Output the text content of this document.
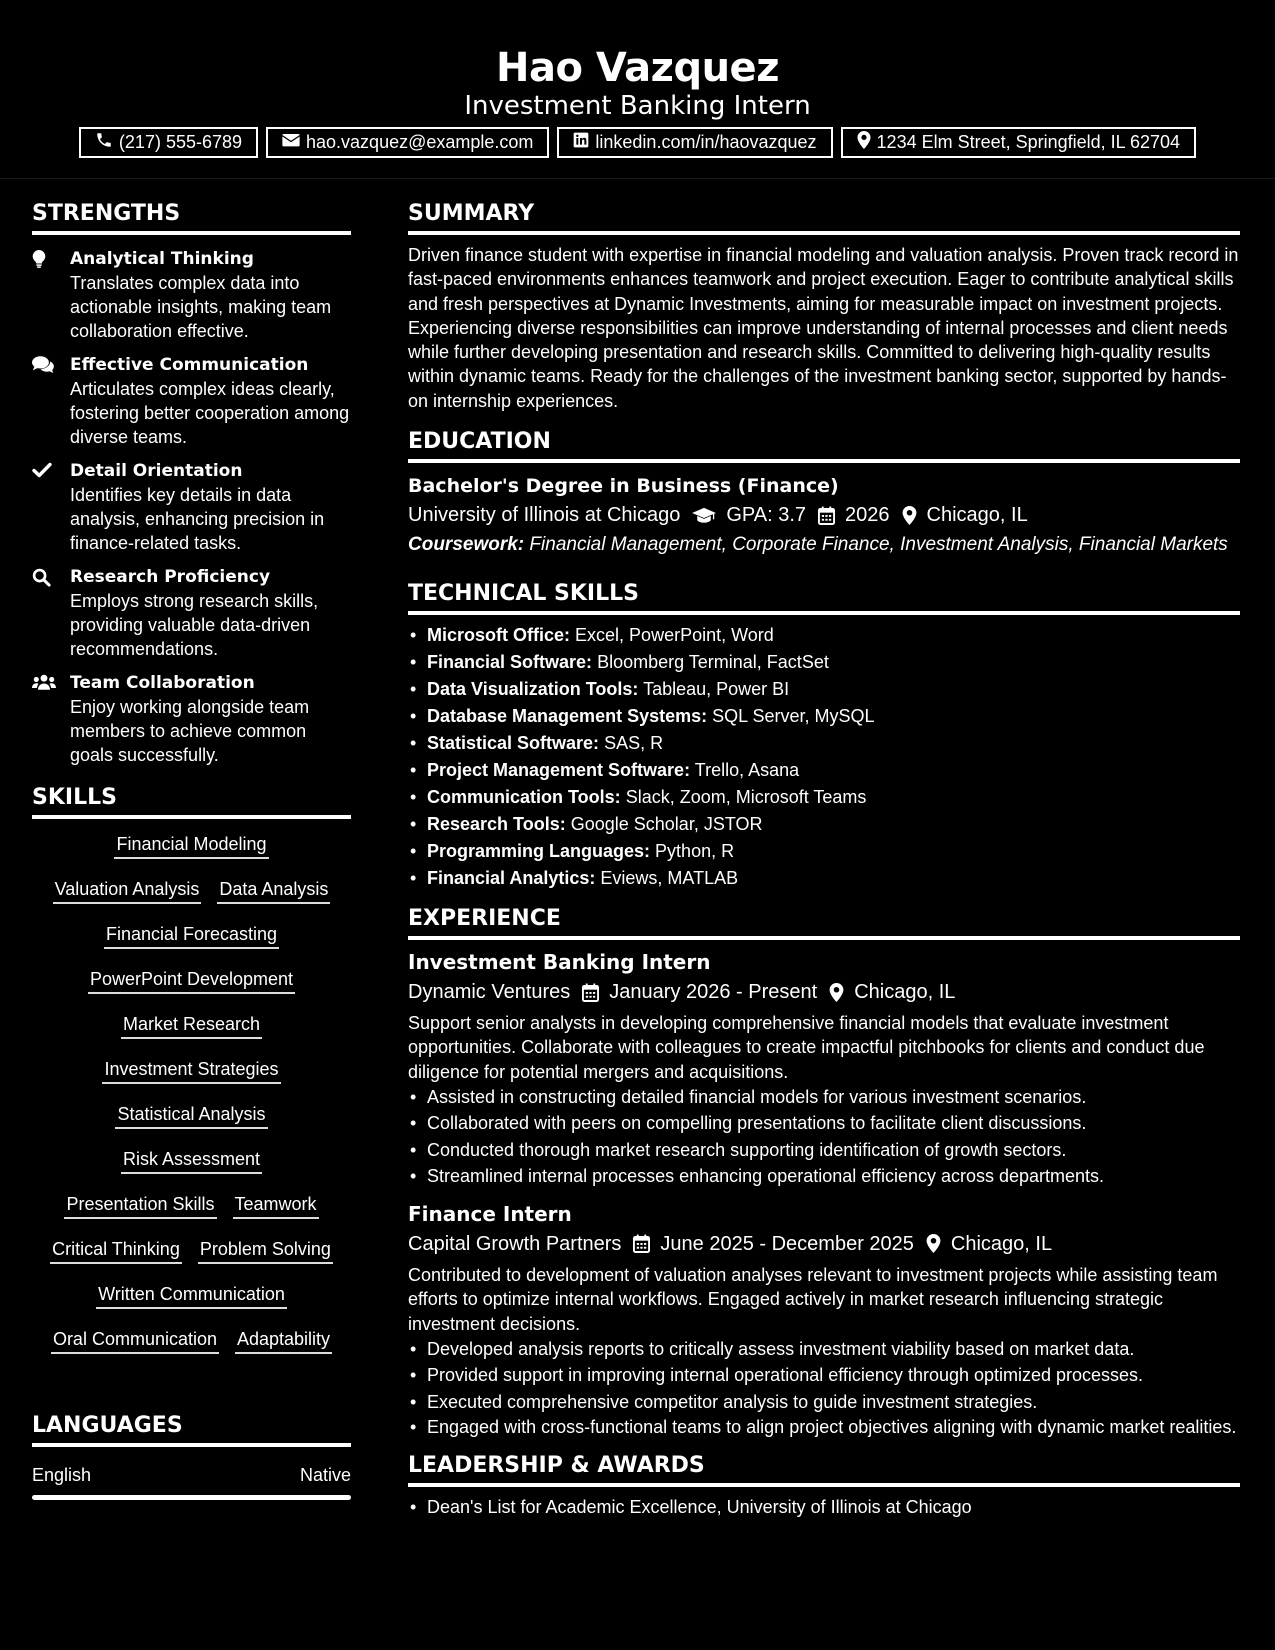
Hao Vazquez
Investment Banking Intern
(217) 555-6789	hao.vazquez@example.com	linkedin.com/in/haovazquez	1234 Elm Street, Springfield, IL 62704
STRENGTHS
Analytical Thinking
Translates complex data into actionable insights, making team collaboration effective.
Effective Communication
Articulates complex ideas clearly, fostering better cooperation among diverse teams.
Detail Orientation
Identifies key details in data analysis, enhancing precision in finance-related tasks.
Research Proficiency
Employs strong research skills, providing valuable data-driven recommendations.
Team Collaboration
Enjoy working alongside team members to achieve common goals successfully.
SKILLS
Financial Modeling
Valuation Analysis Data Analysis
Financial Forecasting
PowerPoint Development
Market Research
Investment Strategies
Statistical Analysis
Risk Assessment
Presentation Skills Teamwork
Critical Thinking Problem Solving
Written Communication
Oral Communication Adaptability
LANGUAGES
English	Native
SUMMARY

Driven finance student with expertise in financial modeling and valuation analysis. Proven track record in fast-paced environments enhances teamwork and project execution. Eager to contribute analytical skills and fresh perspectives at Dynamic Investments, aiming for measurable impact on investment projects. Experiencing diverse responsibilities can improve understanding of internal processes and client needs while further developing presentation and research skills. Committed to delivering high-quality results within dynamic teams. Ready for the challenges of the investment banking sector, supported by hands-on internship experiences.

EDUCATION
Bachelor's Degree in Business (Finance)
University of Illinois at Chicago GPA: 3.7 2026 Chicago, IL
Coursework: Financial Management, Corporate Finance, Investment Analysis, Financial Markets
TECHNICAL SKILLS
• Microsoft Office: Excel, PowerPoint, Word
• Financial Software: Bloomberg Terminal, FactSet
• Data Visualization Tools: Tableau, Power BI
• Database Management Systems: SQL Server, MySQL
• Statistical Software: SAS, R
• Project Management Software: Trello, Asana
• Communication Tools: Slack, Zoom, Microsoft Teams
• Research Tools: Google Scholar, JSTOR
• Programming Languages: Python, R
• Financial Analytics: Eviews, MATLAB
EXPERIENCE
Investment Banking Intern
Dynamic Ventures January 2026 - Present Chicago, IL
Support senior analysts in developing comprehensive financial models that evaluate investment opportunities. Collaborate with colleagues to create impactful pitchbooks for clients and conduct due diligence for potential mergers and acquisitions.
• Assisted in constructing detailed financial models for various investment scenarios.
• Collaborated with peers on compelling presentations to facilitate client discussions.
• Conducted thorough market research supporting identification of growth sectors.
• Streamlined internal processes enhancing operational efficiency across departments.
Finance Intern
Capital Growth Partners June 2025 - December 2025 Chicago, IL
Contributed to development of valuation analyses relevant to investment projects while assisting team efforts to optimize internal workflows. Engaged actively in market research influencing strategic investment decisions.
• Developed analysis reports to critically assess investment viability based on market data.
• Provided support in improving internal operational efficiency through optimized processes.
• Executed comprehensive competitor analysis to guide investment strategies.
• Engaged with cross-functional teams to align project objectives aligning with dynamic market realities.
LEADERSHIP & AWARDS
• Dean's List for Academic Excellence, University of Illinois at Chicago
